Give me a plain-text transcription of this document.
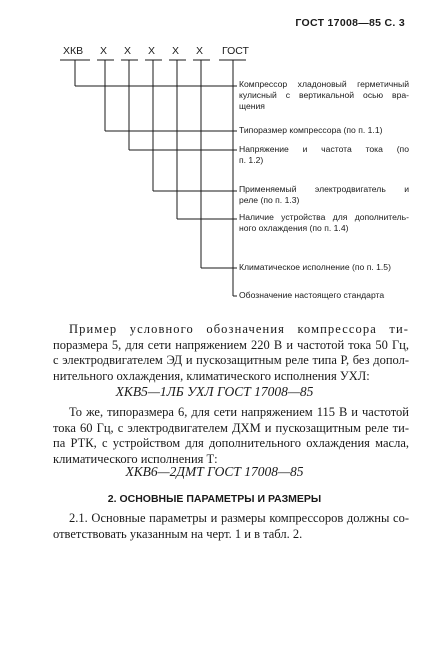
ГОСТ 17008—85 С. 3
ХКВ Х Х Х Х Х ГОСТ
Компрессор хладоновый герметичный
кулисный с вертикальной осью вра-
щения
Типоразмер компрессора (по п. 1.1)
Напряжение и частота тока (по
п. 1.2)
Применяемый электродвигатель и
реле (по п. 1.3)
Наличие устройства для дополнитель-
ного охлаждения (по п. 1.4)
Климатическое исполнение (по п. 1.5)
Обозначение настоящего стандарта
Пример условного обозначения компрессора ти-
поразмера 5, для сети напряжением 220 В и частотой тока 50 Гц,
с электродвигателем ЭД и пускозащитным реле типа Р, без допол-
нительного охлаждения, климатического исполнения УХЛ:
ХКВ5—1ЛБ УХЛ ГОСТ 17008—85
То же, типоразмера 6, для сети напряжением 115 В и частотой
тока 60 Гц, с электродвигателем ДХМ и пускозащитным реле ти-
па РТК, с устройством для дополнительного охлаждения масла,
климатического исполнения Т:
ХКВ6—2ДМТ ГОСТ 17008—85
2. ОСНОВНЫЕ ПАРАМЕТРЫ И РАЗМЕРЫ
2.1. Основные параметры и размеры компрессоров должны со-
ответствовать указанным на черт. 1 и в табл. 2.
